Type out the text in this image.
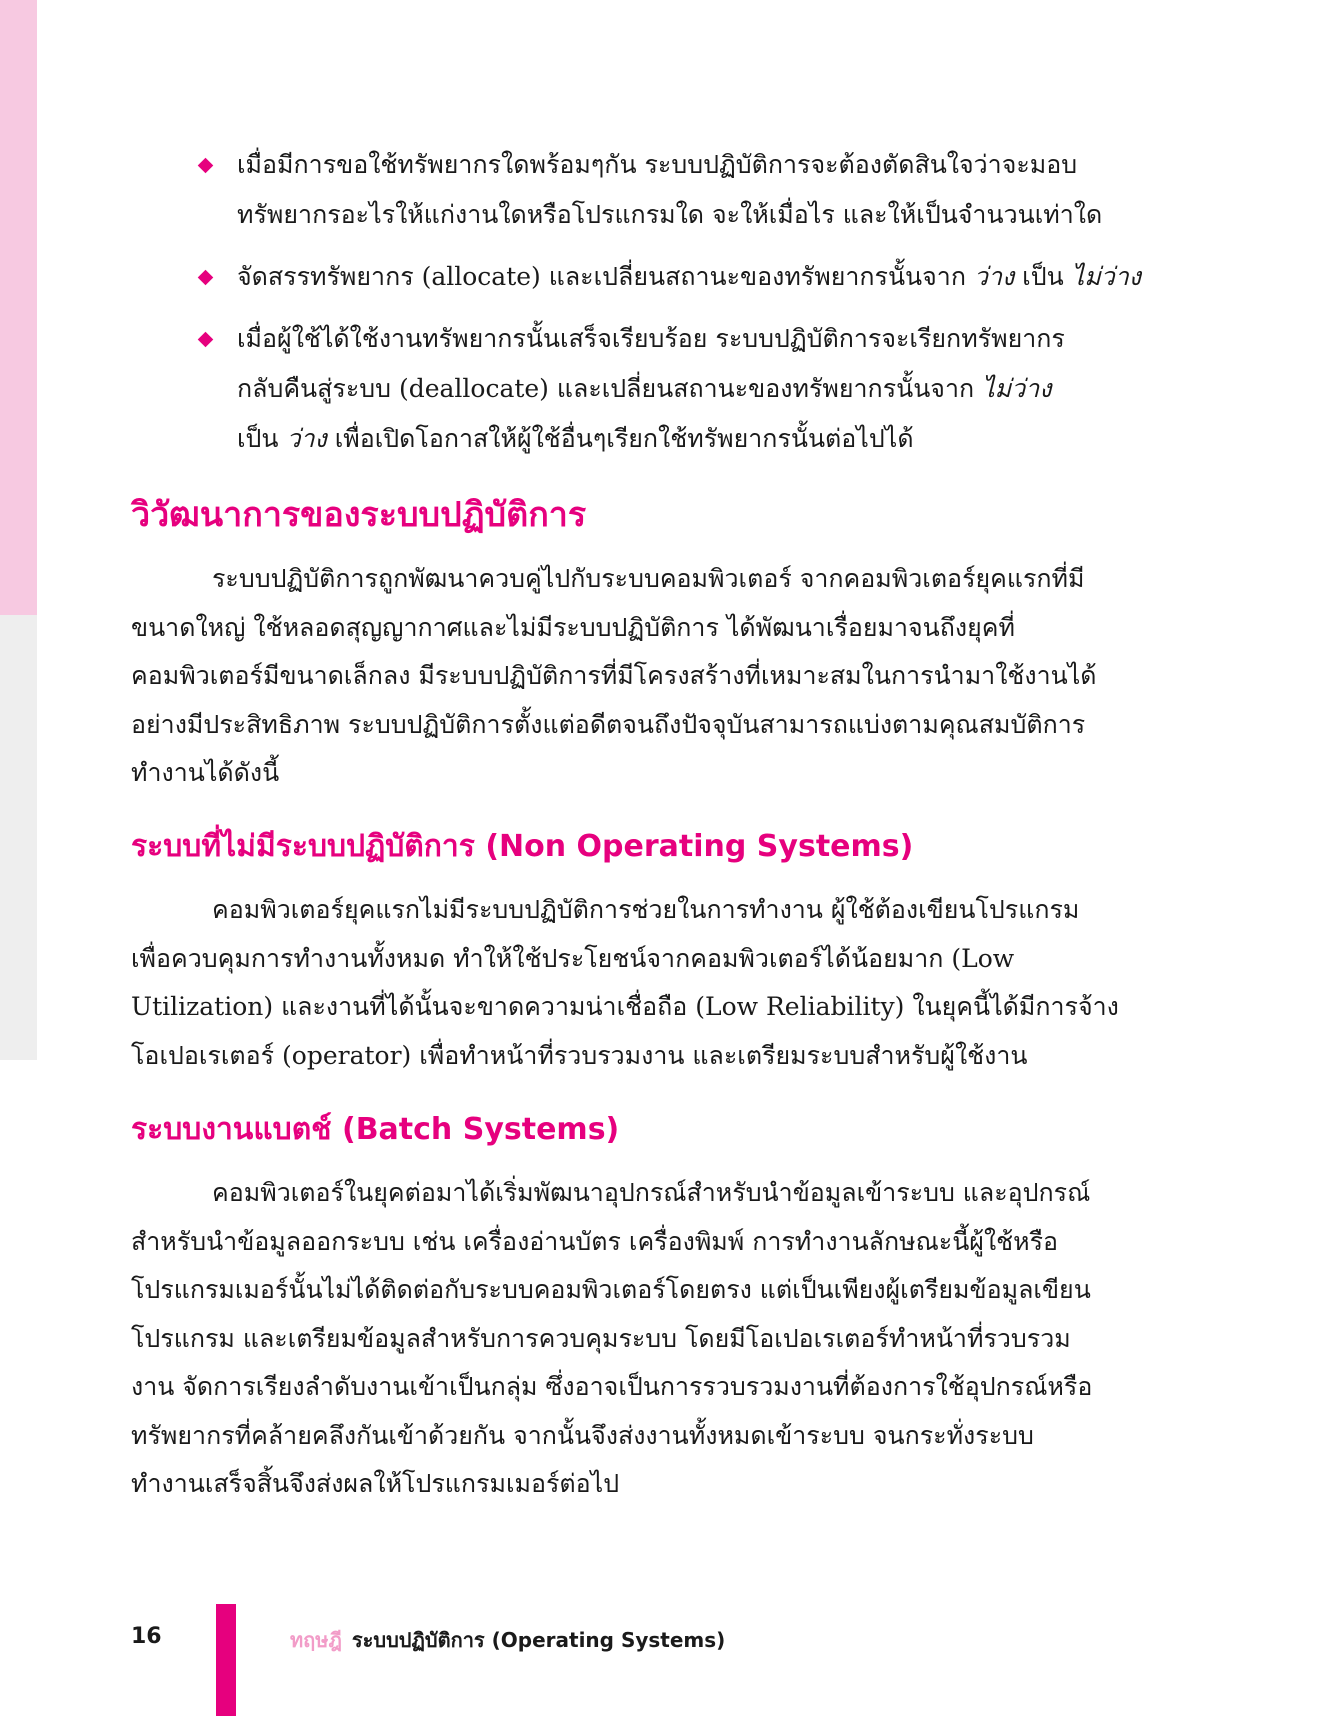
เมื่อมีการขอใช้ทรัพยากรใดพร้อมๆกัน ระบบปฏิบัติการจะต้องตัดสินใจว่าจะมอบ
ทรัพยากรอะไรให้แก่งานใดหรือโปรแกรมใด จะให้เมื่อไร และให้เป็นจำนวนเท่าใด
จัดสรรทรัพยากร (allocate) และเปลี่ยนสถานะของทรัพยากรนั้นจาก ว่าง เป็น ไม่ว่าง
เมื่อผู้ใช้ได้ใช้งานทรัพยากรนั้นเสร็จเรียบร้อย ระบบปฏิบัติการจะเรียกทรัพยากร
กลับคืนสู่ระบบ (deallocate) และเปลี่ยนสถานะของทรัพยากรนั้นจาก ไม่ว่าง
เป็น ว่าง เพื่อเปิดโอกาสให้ผู้ใช้อื่นๆเรียกใช้ทรัพยากรนั้นต่อไปได้
วิวัฒนาการของระบบปฏิบัติการ
ระบบปฏิบัติการถูกพัฒนาควบคู่ไปกับระบบคอมพิวเตอร์ จากคอมพิวเตอร์ยุคแรกที่มี
ขนาดใหญ่ ใช้หลอดสุญญากาศและไม่มีระบบปฏิบัติการ ได้พัฒนาเรื่อยมาจนถึงยุคที่
คอมพิวเตอร์มีขนาดเล็กลง มีระบบปฏิบัติการที่มีโครงสร้างที่เหมาะสมในการนำมาใช้งานได้
อย่างมีประสิทธิภาพ ระบบปฏิบัติการตั้งแต่อดีตจนถึงปัจจุบันสามารถแบ่งตามคุณสมบัติการ
ทำงานได้ดังนี้
ระบบที่ไม่มีระบบปฏิบัติการ (Non Operating Systems)
คอมพิวเตอร์ยุคแรกไม่มีระบบปฏิบัติการช่วยในการทำงาน ผู้ใช้ต้องเขียนโปรแกรม
เพื่อควบคุมการทำงานทั้งหมด ทำให้ใช้ประโยชน์จากคอมพิวเตอร์ได้น้อยมาก (Low
Utilization) และงานที่ได้นั้นจะขาดความน่าเชื่อถือ (Low Reliability) ในยุคนี้ได้มีการจ้าง
โอเปอเรเตอร์ (operator) เพื่อทำหน้าที่รวบรวมงาน และเตรียมระบบสำหรับผู้ใช้งาน
ระบบงานแบตช์ (Batch Systems)
คอมพิวเตอร์ในยุคต่อมาได้เริ่มพัฒนาอุปกรณ์สำหรับนำข้อมูลเข้าระบบ และอุปกรณ์
สำหรับนำข้อมูลออกระบบ เช่น เครื่องอ่านบัตร เครื่องพิมพ์ การทำงานลักษณะนี้ผู้ใช้หรือ
โปรแกรมเมอร์นั้นไม่ได้ติดต่อกับระบบคอมพิวเตอร์โดยตรง แต่เป็นเพียงผู้เตรียมข้อมูลเขียน
โปรแกรม และเตรียมข้อมูลสำหรับการควบคุมระบบ โดยมีโอเปอเรเตอร์ทำหน้าที่รวบรวม
งาน จัดการเรียงลำดับงานเข้าเป็นกลุ่ม ซึ่งอาจเป็นการรวบรวมงานที่ต้องการใช้อุปกรณ์หรือ
ทรัพยากรที่คล้ายคลึงกันเข้าด้วยกัน จากนั้นจึงส่งงานทั้งหมดเข้าระบบ จนกระทั่งระบบ
ทำงานเสร็จสิ้นจึงส่งผลให้โปรแกรมเมอร์ต่อไป
16	ทฤษฎี ระบบปฏิบัติการ (Operating Systems)
